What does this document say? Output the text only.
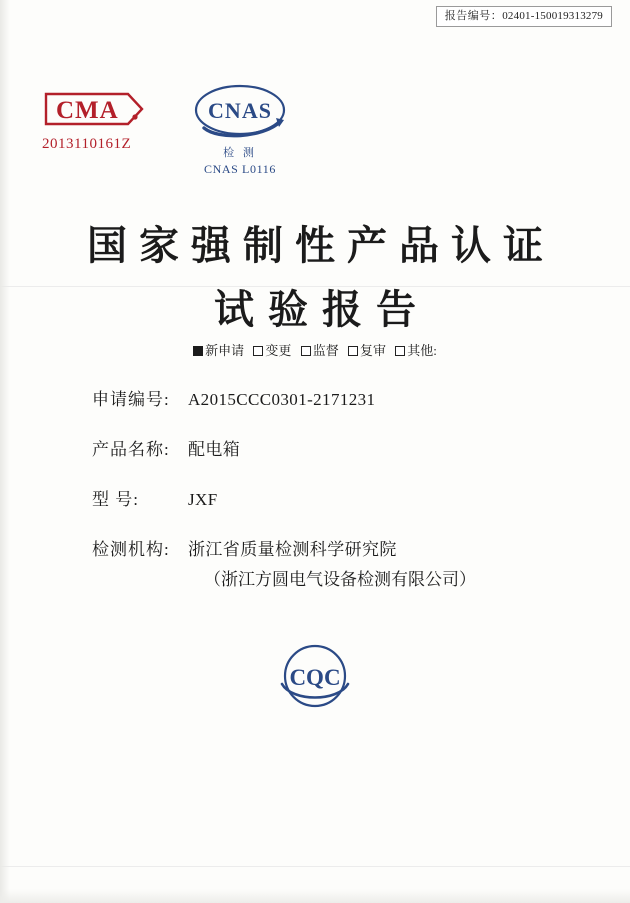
报告编号：02401-150019313279
CMA
2013110161Z
CNAS
检 测
CNAS L0116
国家强制性产品认证
试验报告
新申请 变更 监督 复审 其他:
申请编号:	A2015CCC0301-2171231
产品名称:	配电箱
型 号:	JXF
检测机构:	浙江省质量检测科学研究院
（浙江方圆电气设备检测有限公司）
CQC
